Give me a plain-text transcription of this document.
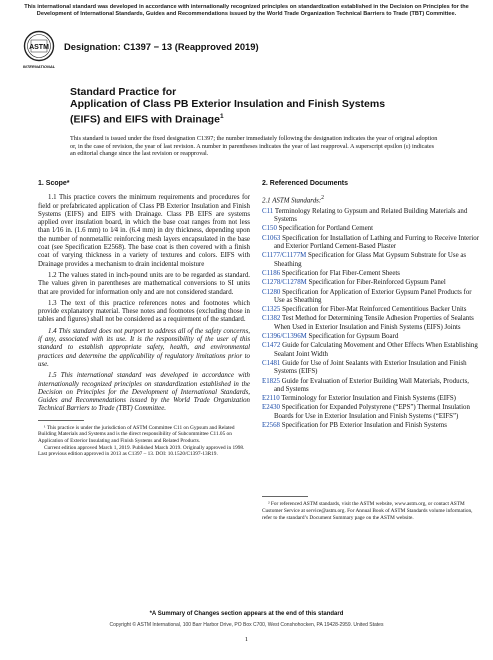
This international standard was developed in accordance with internationally recognized principles on standardization established in the Decision on Principles for the Development of International Standards, Guides and Recommendations issued by the World Trade Organization Technical Barriers to Trade (TBT) Committee.
ASTM
INTERNATIONAL
Designation: C1397 − 13 (Reapproved 2019)
Standard Practice for
Application of Class PB Exterior Insulation and Finish Systems (EIFS) and EIFS with Drainage$^1$
This standard is issued under the fixed designation C1397; the number immediately following the designation indicates the year of original adoption or, in the case of revision, the year of last revision. A number in parentheses indicates the year of last reapproval. A superscript epsilon (ε) indicates an editorial change since the last revision or reapproval.
1. Scope*
1.1 This practice covers the minimum requirements and procedures for field or prefabricated application of Class PB Exterior Insulation and Finish Systems (EIFS) and EIFS with Drainage. Class PB EIFS are systems applied over insulation board, in which the base coat ranges from not less than 1⁄16 in. (1.6 mm) to 1⁄4 in. (6.4 mm) in dry thickness, depending upon the number of nonmetallic reinforcing mesh layers encapsulated in the base coat (see Specification E2568). The base coat is then covered with a finish coat of varying thickness in a variety of textures and colors. EIFS with Drainage provides a mechanism to drain incidental moisture
1.2 The values stated in inch-pound units are to be regarded as standard. The values given in parentheses are mathematical conversions to SI units that are provided for information only and are not considered standard.
1.3 The text of this practice references notes and footnotes which provide explanatory material. These notes and footnotes (excluding those in tables and figures) shall not be considered as a requirement of the standard.
1.4 This standard does not purport to address all of the safety concerns, if any, associated with its use. It is the responsibility of the user of this standard to establish appropriate safety, health, and environmental practices and determine the applicability of regulatory limitations prior to use.
1.5 This international standard was developed in accordance with internationally recognized principles on standardization established in the Decision on Principles for the Development of International Standards, Guides and Recommendations issued by the World Trade Organization Technical Barriers to Trade (TBT) Committee.
¹ This practice is under the jurisdiction of ASTM Committee C11 on Gypsum and Related Building Materials and Systems and is the direct responsibility of Subcommittee C11.05 on Application of Exterior Insulating and Finish Systems and Related Products.
Current edition approved March 1, 2019. Published March 2019. Originally approved in 1998. Last previous edition approved in 2013 as C1397 – 13. DOI: 10.1520/C1397-13R19.
2. Referenced Documents
2.1 ASTM Standards:$^2$
C11 Terminology Relating to Gypsum and Related Building Materials and Systems
C150 Specification for Portland Cement
C1063 Specification for Installation of Lathing and Furring to Receive Interior and Exterior Portland Cement-Based Plaster
C1177/C1177M Specification for Glass Mat Gypsum Substrate for Use as Sheathing
C1186 Specification for Flat Fiber-Cement Sheets
C1278/C1278M Specification for Fiber-Reinforced Gypsum Panel
C1280 Specification for Application of Exterior Gypsum Panel Products for Use as Sheathing
C1325 Specification for Fiber-Mat Reinforced Cementitious Backer Units
C1382 Test Method for Determining Tensile Adhesion Properties of Sealants When Used in Exterior Insulation and Finish Systems (EIFS) Joints
C1396/C1396M Specification for Gypsum Board
C1472 Guide for Calculating Movement and Other Effects When Establishing Sealant Joint Width
C1481 Guide for Use of Joint Sealants with Exterior Insulation and Finish Systems (EIFS)
E1825 Guide for Evaluation of Exterior Building Wall Materials, Products, and Systems
E2110 Terminology for Exterior Insulation and Finish Systems (EIFS)
E2430 Specification for Expanded Polystyrene (“EPS”) Thermal Insulation Boards for Use in Exterior Insulation and Finish Systems (“EIFS”)
E2568 Specification for PB Exterior Insulation and Finish Systems
² For referenced ASTM standards, visit the ASTM website, www.astm.org, or contact ASTM Customer Service at service@astm.org. For Annual Book of ASTM Standards volume information, refer to the standard’s Document Summary page on the ASTM website.
*A Summary of Changes section appears at the end of this standard
Copyright © ASTM International, 100 Barr Harbor Drive, PO Box C700, West Conshohocken, PA 19428-2959. United States
1
